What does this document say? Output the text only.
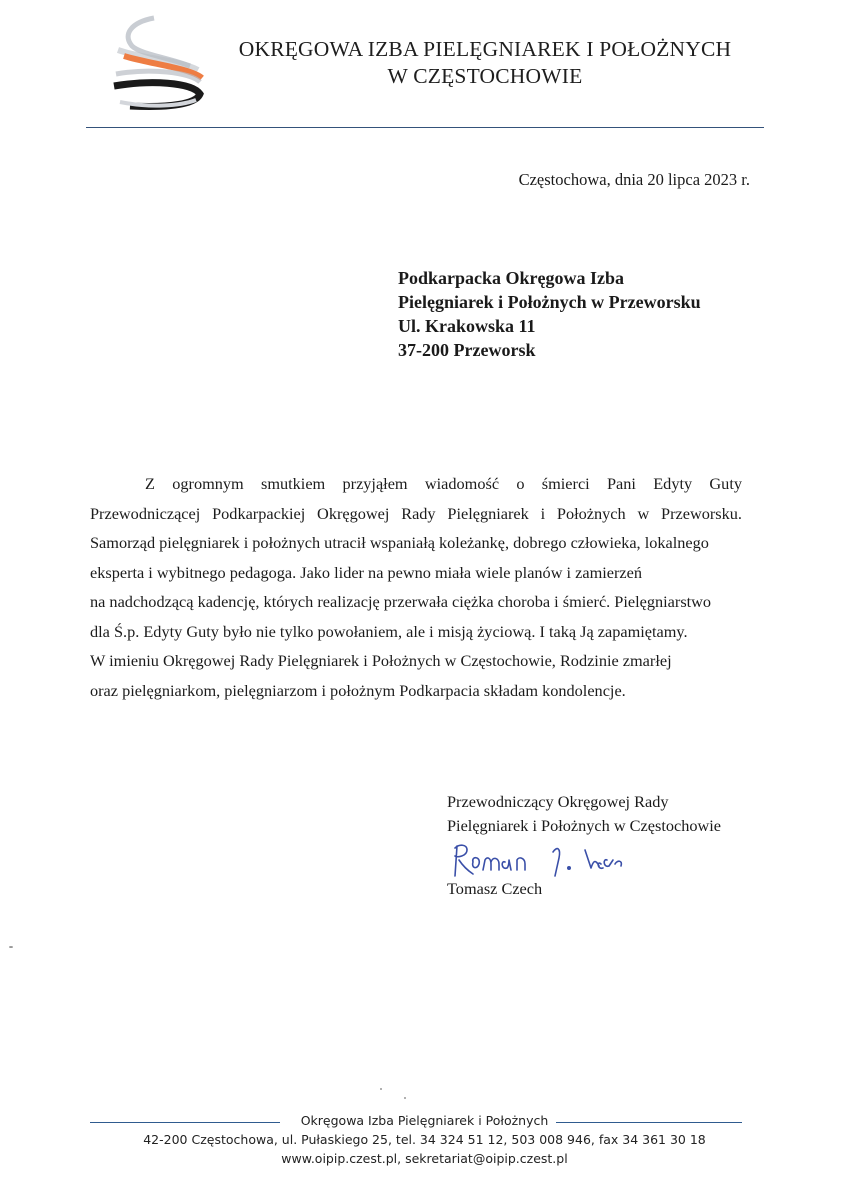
OKRĘGOWA IZBA PIELĘGNIAREK I POŁOŻNYCH
W CZĘSTOCHOWIE
Częstochowa, dnia 20 lipca 2023 r.
Podkarpacka Okręgowa Izba
Pielęgniarek i Położnych w Przeworsku
Ul. Krakowska 11
37-200 Przeworsk
Z ogromnym smutkiem przyjąłem wiadomość o śmierci Pani Edyty Guty
Przewodniczącej Podkarpackiej Okręgowej Rady Pielęgniarek i Położnych w Przeworsku.
Samorząd pielęgniarek i położnych utracił wspaniałą koleżankę, dobrego człowieka, lokalnego
eksperta i wybitnego pedagoga. Jako lider na pewno miała wiele planów i zamierzeń
na nadchodzącą kadencję, których realizację przerwała ciężka choroba i śmierć. Pielęgniarstwo
dla Ś.p. Edyty Guty było nie tylko powołaniem, ale i misją życiową. I taką Ją zapamiętamy.
W imieniu Okręgowej Rady Pielęgniarek i Położnych w Częstochowie, Rodzinie zmarłej
oraz pielęgniarkom, pielęgniarzom i położnym Podkarpacia składam kondolencje.
Przewodniczący Okręgowej Rady
Pielęgniarek i Położnych w Częstochowie
Tomasz Czech
Okręgowa Izba Pielęgniarek i Położnych
42-200 Częstochowa, ul. Pułaskiego 25, tel. 34 324 51 12, 503 008 946, fax 34 361 30 18
www.oipip.czest.pl, sekretariat@oipip.czest.pl
